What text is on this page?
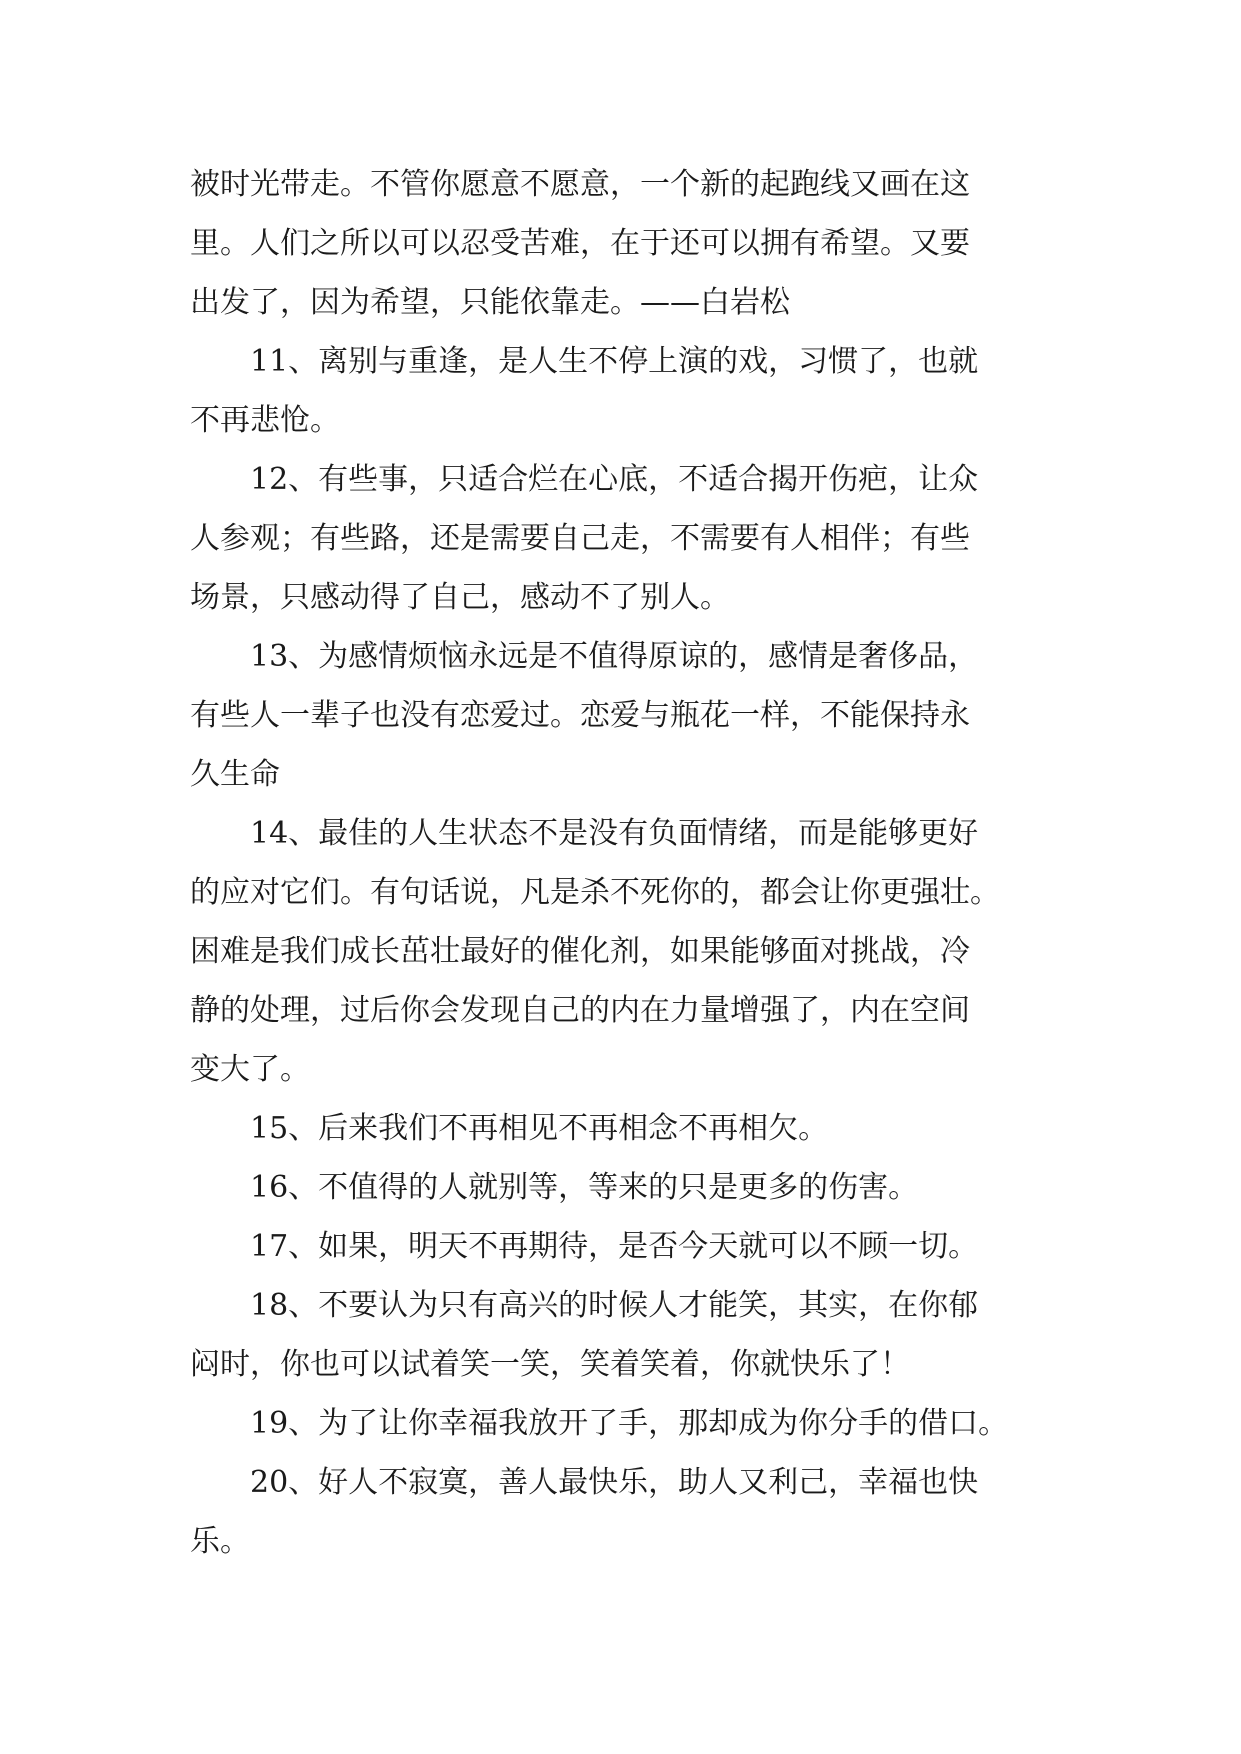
被时光带走。不管你愿意不愿意，一个新的起跑线又画在这
里。人们之所以可以忍受苦难，在于还可以拥有希望。又要
出发了，因为希望，只能依靠走。——白岩松
11、离别与重逢，是人生不停上演的戏，习惯了，也就
不再悲怆。
12、有些事，只适合烂在心底，不适合揭开伤疤，让众
人参观；有些路，还是需要自己走，不需要有人相伴；有些
场景，只感动得了自己，感动不了别人。
13、为感情烦恼永远是不值得原谅的，感情是奢侈品，
有些人一辈子也没有恋爱过。恋爱与瓶花一样，不能保持永
久生命
14、最佳的人生状态不是没有负面情绪，而是能够更好
的应对它们。有句话说，凡是杀不死你的，都会让你更强壮。
困难是我们成长茁壮最好的催化剂，如果能够面对挑战，冷
静的处理，过后你会发现自己的内在力量增强了，内在空间
变大了。
15、后来我们不再相见不再相念不再相欠。
16、不值得的人就别等，等来的只是更多的伤害。
17、如果，明天不再期待，是否今天就可以不顾一切。
18、不要认为只有高兴的时候人才能笑，其实，在你郁
闷时，你也可以试着笑一笑，笑着笑着，你就快乐了！
19、为了让你幸福我放开了手，那却成为你分手的借口。
20、好人不寂寞，善人最快乐，助人又利己，幸福也快
乐。
